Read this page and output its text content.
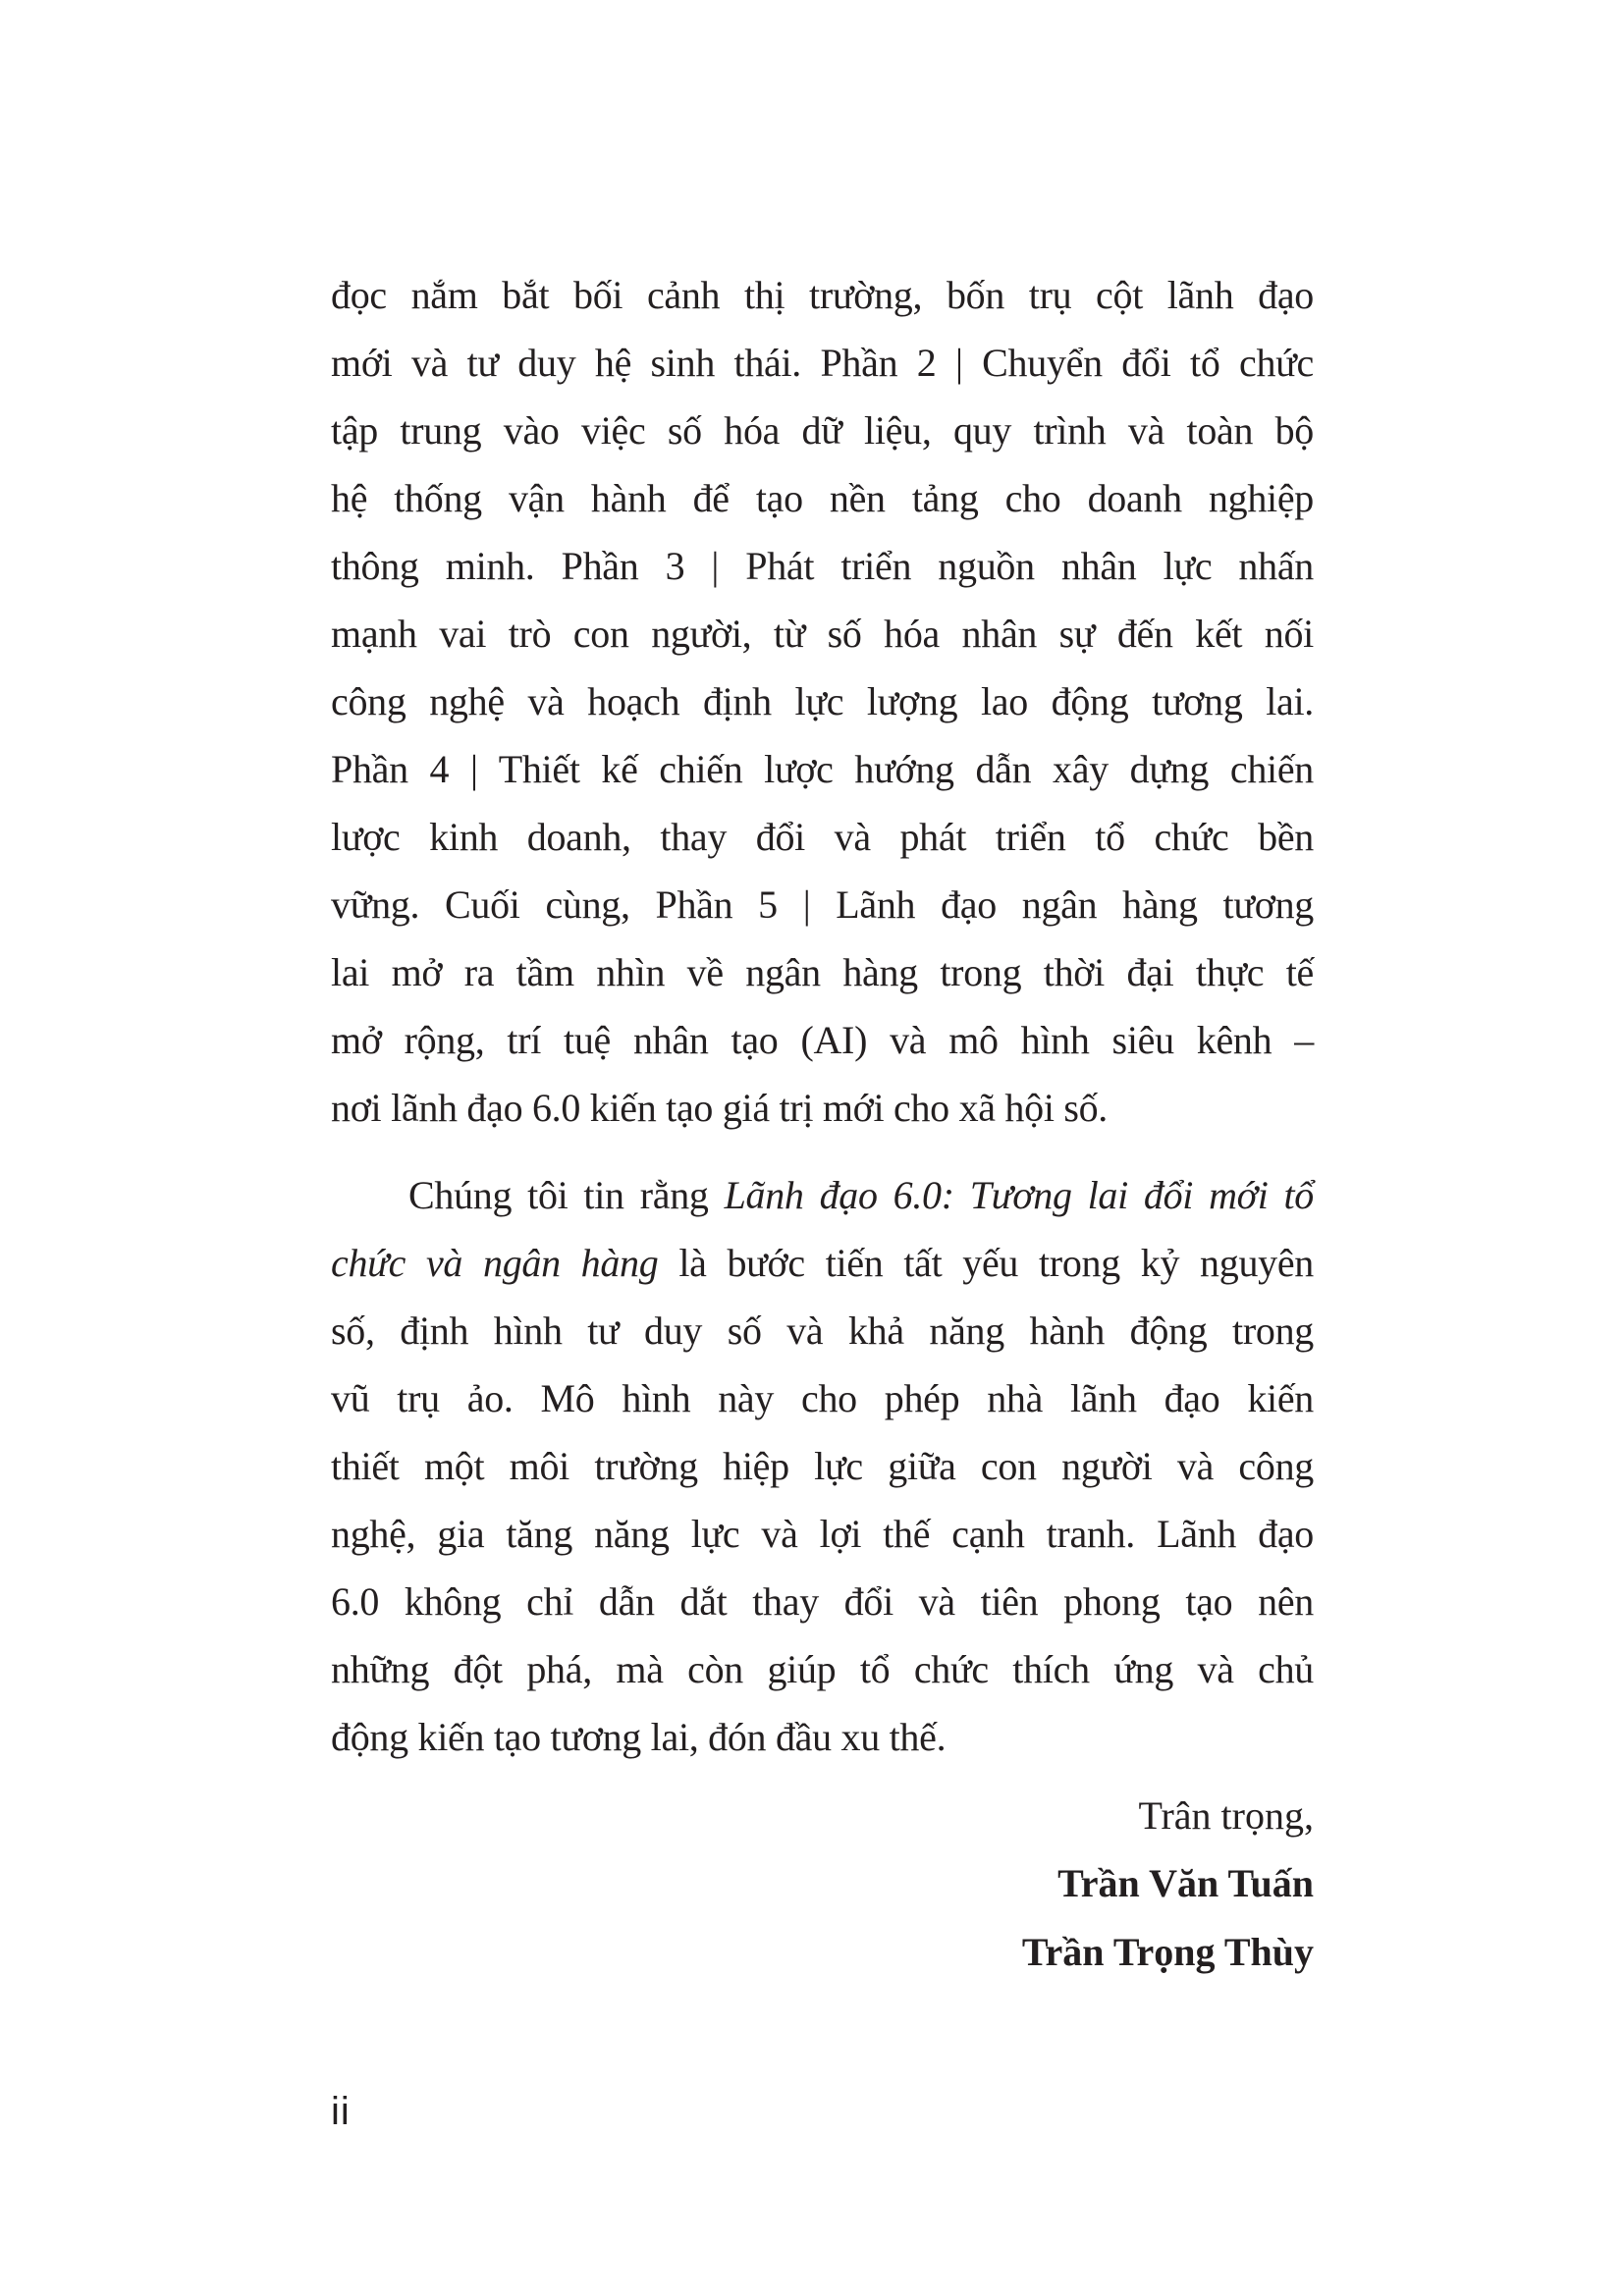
đọc nắm bắt bối cảnh thị trường, bốn trụ cột lãnh đạo
mới và tư duy hệ sinh thái. Phần 2 | Chuyển đổi tổ chức
tập trung vào việc số hóa dữ liệu, quy trình và toàn bộ
hệ thống vận hành để tạo nền tảng cho doanh nghiệp
thông minh. Phần 3 | Phát triển nguồn nhân lực nhấn
mạnh vai trò con người, từ số hóa nhân sự đến kết nối
công nghệ và hoạch định lực lượng lao động tương lai.
Phần 4 | Thiết kế chiến lược hướng dẫn xây dựng chiến
lược kinh doanh, thay đổi và phát triển tổ chức bền
vững. Cuối cùng, Phần 5 | Lãnh đạo ngân hàng tương
lai mở ra tầm nhìn về ngân hàng trong thời đại thực tế
mở rộng, trí tuệ nhân tạo (AI) và mô hình siêu kênh –
nơi lãnh đạo 6.0 kiến tạo giá trị mới cho xã hội số.
Chúng tôi tin rằng Lãnh đạo 6.0: Tương lai đổi mới tổ
chức và ngân hàng là bước tiến tất yếu trong kỷ nguyên
số, định hình tư duy số và khả năng hành động trong
vũ trụ ảo. Mô hình này cho phép nhà lãnh đạo kiến
thiết một môi trường hiệp lực giữa con người và công
nghệ, gia tăng năng lực và lợi thế cạnh tranh. Lãnh đạo
6.0 không chỉ dẫn dắt thay đổi và tiên phong tạo nên
những đột phá, mà còn giúp tổ chức thích ứng và chủ
động kiến tạo tương lai, đón đầu xu thế.
Trân trọng,
Trần Văn Tuấn
Trần Trọng Thùy
ii
